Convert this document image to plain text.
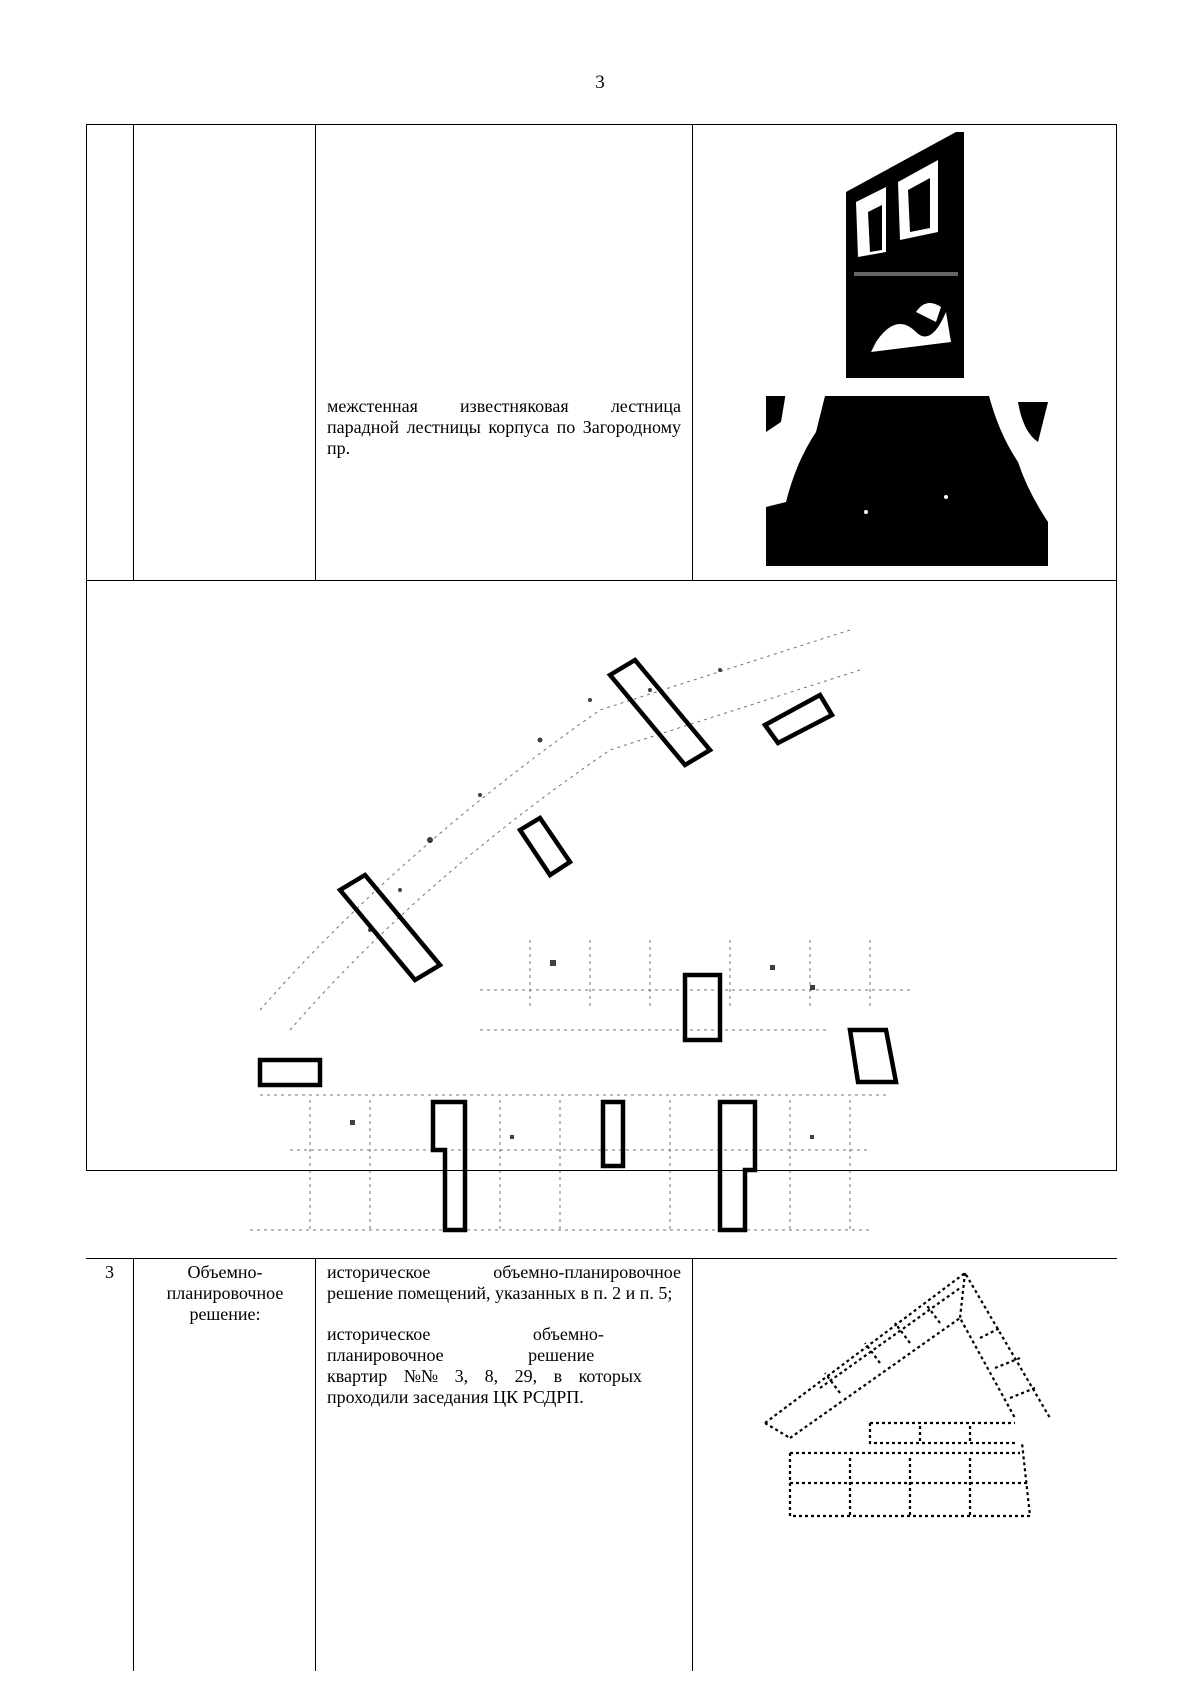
3
межстенная известняковая лестница парадной лестницы корпуса по Загородному пр.
3	Объемно-
планировочное
решение:
историческое объемно-планировочное решение помещений, указанных в п. 2 и п. 5;
историческое объемно-
планировочное решение
квартир №№ 3, 8, 29, в которых
проходили заседания ЦК РСДРП.
